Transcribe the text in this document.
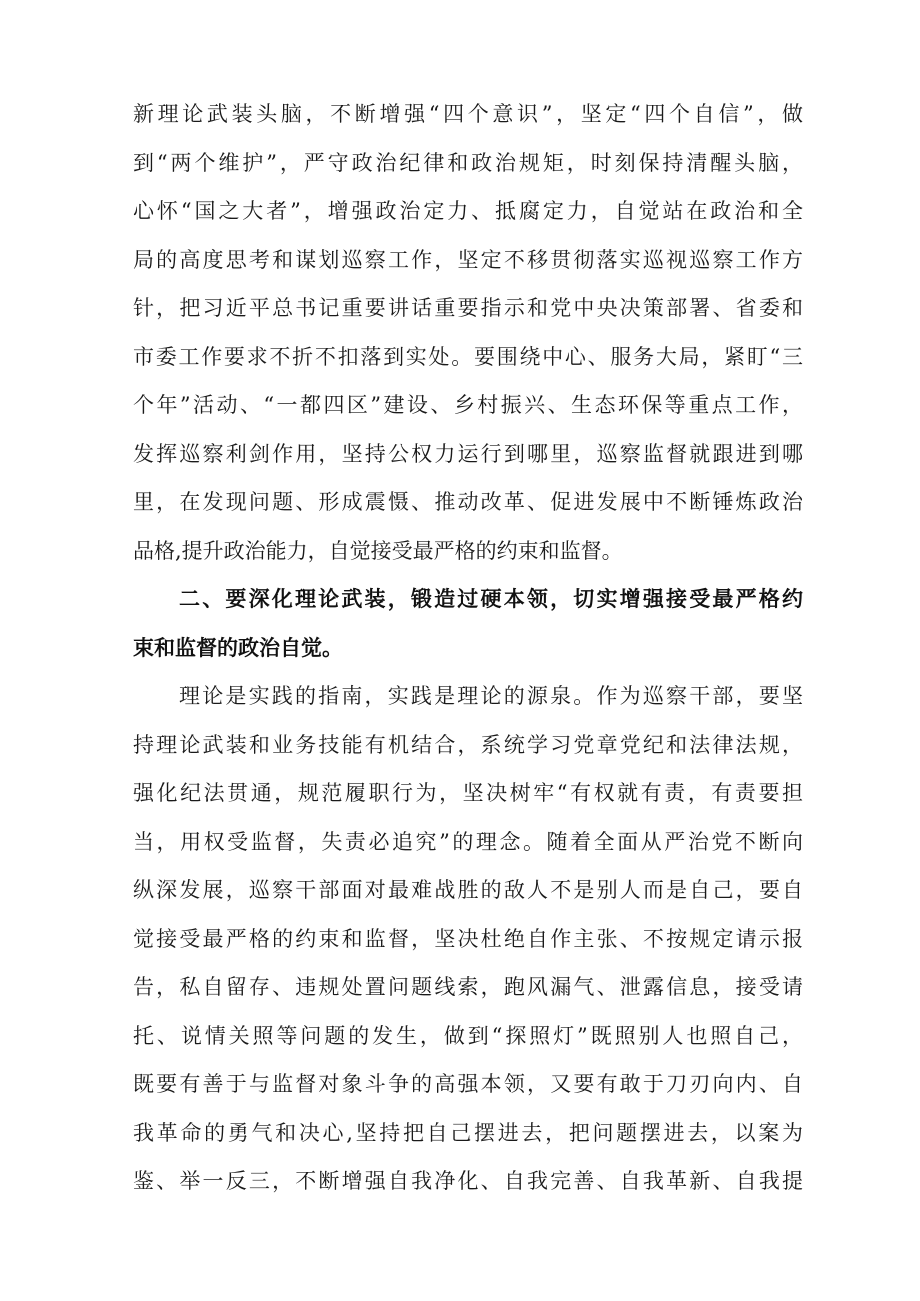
新理论武装头脑，不断增强“四个意识”，坚定“四个自信”，做
到“两个维护”，严守政治纪律和政治规矩，时刻保持清醒头脑，
心怀“国之大者”，增强政治定力、抵腐定力，自觉站在政治和全
局的高度思考和谋划巡察工作，坚定不移贯彻落实巡视巡察工作方
针，把习近平总书记重要讲话重要指示和党中央决策部署、省委和
市委工作要求不折不扣落到实处。要围绕中心、服务大局，紧盯“三
个年”活动、“一都四区”建设、乡村振兴、生态环保等重点工作，
发挥巡察利剑作用，坚持公权力运行到哪里，巡察监督就跟进到哪
里，在发现问题、形成震慑、推动改革、促进发展中不断锤炼政治
品格,提升政治能力，自觉接受最严格的约束和监督。
二、要深化理论武装，锻造过硬本领，切实增强接受最严格约
束和监督的政治自觉。
理论是实践的指南，实践是理论的源泉。作为巡察干部，要坚
持理论武装和业务技能有机结合，系统学习党章党纪和法律法规，
强化纪法贯通，规范履职行为，坚决树牢“有权就有责，有责要担
当，用权受监督，失责必追究”的理念。随着全面从严治党不断向
纵深发展，巡察干部面对最难战胜的敌人不是别人而是自己，要自
觉接受最严格的约束和监督，坚决杜绝自作主张、不按规定请示报
告，私自留存、违规处置问题线索，跑风漏气、泄露信息，接受请
托、说情关照等问题的发生，做到“探照灯”既照别人也照自己，
既要有善于与监督对象斗争的高强本领，又要有敢于刀刃向内、自
我革命的勇气和决心,坚持把自己摆进去，把问题摆进去，以案为
鉴、举一反三，不断增强自我净化、自我完善、自我革新、自我提
